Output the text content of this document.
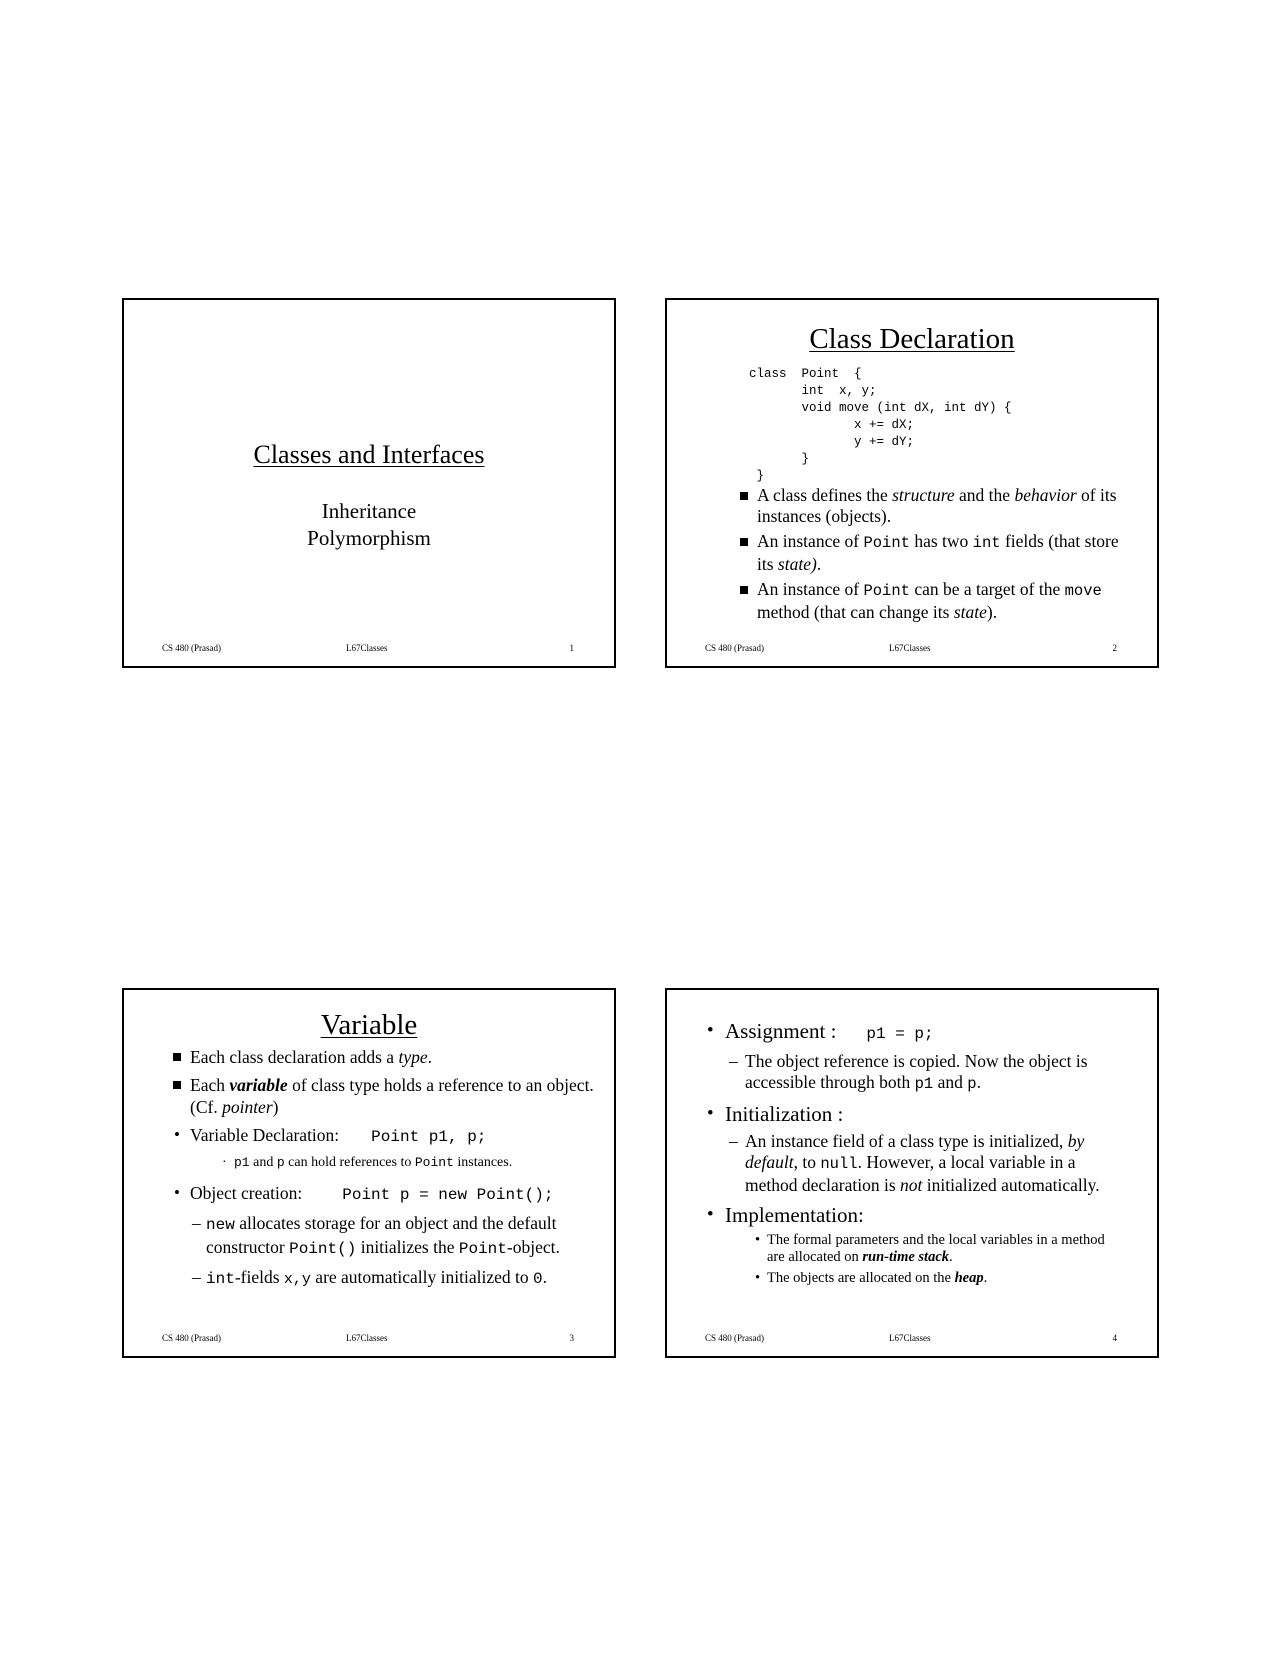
Classes and Interfaces
Inheritance
Polymorphism
CS 480 (Prasad)	L67Classes	1
Class Declaration
class  Point  {
int  x, y;
void move (int dX, int dY) {
x += dX;
y += dY;
}
}
A class defines the structure and the behavior of its instances (objects).
An instance of Point has two int fields (that store its state).
An instance of Point can be a target of the move method (that can change its state).
CS 480 (Prasad)	L67Classes	2
Variable
Each class declaration adds a type.
Each variable of class type holds a reference to an object. (Cf. pointer)
• Variable Declaration: Point p1, p;
· p1 and p can hold references to Point instances.
• Object creation:	Point p = new Point();
– new allocates storage for an object and the default constructor Point() initializes the Point-object.
– int-fields x,y are automatically initialized to 0.
CS 480 (Prasad)	L67Classes	3
• Assignment : p1 = p;
– The object reference is copied. Now the object is accessible through both p1 and p.
• Initialization :
– An instance field of a class type is initialized, by default, to null. However, a local variable in a method declaration is not initialized automatically.
• Implementation:
• The formal parameters and the local variables in a method are allocated on run-time stack.
• The objects are allocated on the heap.
CS 480 (Prasad)	L67Classes	4
